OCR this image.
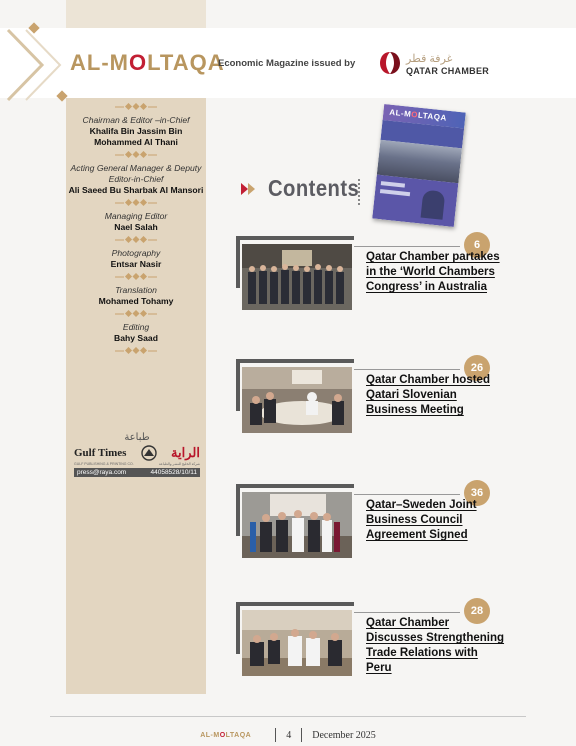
AL-MOLTAQA
Economic Magazine issued by	غرفة قطر
QATAR CHAMBER
Chairman & Editor –in-Chief
Khalifa Bin Jassim Bin Mohammed Al Thani
Acting General Manager & Deputy Editor-in-Chief
Ali Saeed Bu Sharbak Al Mansori
Managing Editor
Nael Salah
Photography
Entsar Nasir
Translation
Mohamed Tohamy
Editing
Bahy Saad
طباعة
Gulf Times	الراية
GULF PUBLISHING & PRINTING CO.	شركة الخليج للنشر والطباعة
press@raya.com	44058528/10/11
AL-MOLTAQA
Contents
6
Qatar Chamber partakes in the ‘World Chambers Congress’ in Australia
26
Qatar Chamber hosted Qatari Slovenian Business Meeting
36
Qatar–Sweden Joint Business Council Agreement Signed
28
Qatar Chamber Discusses Strengthening Trade Relations with Peru
AL-MOLTAQA	4 December 2025
